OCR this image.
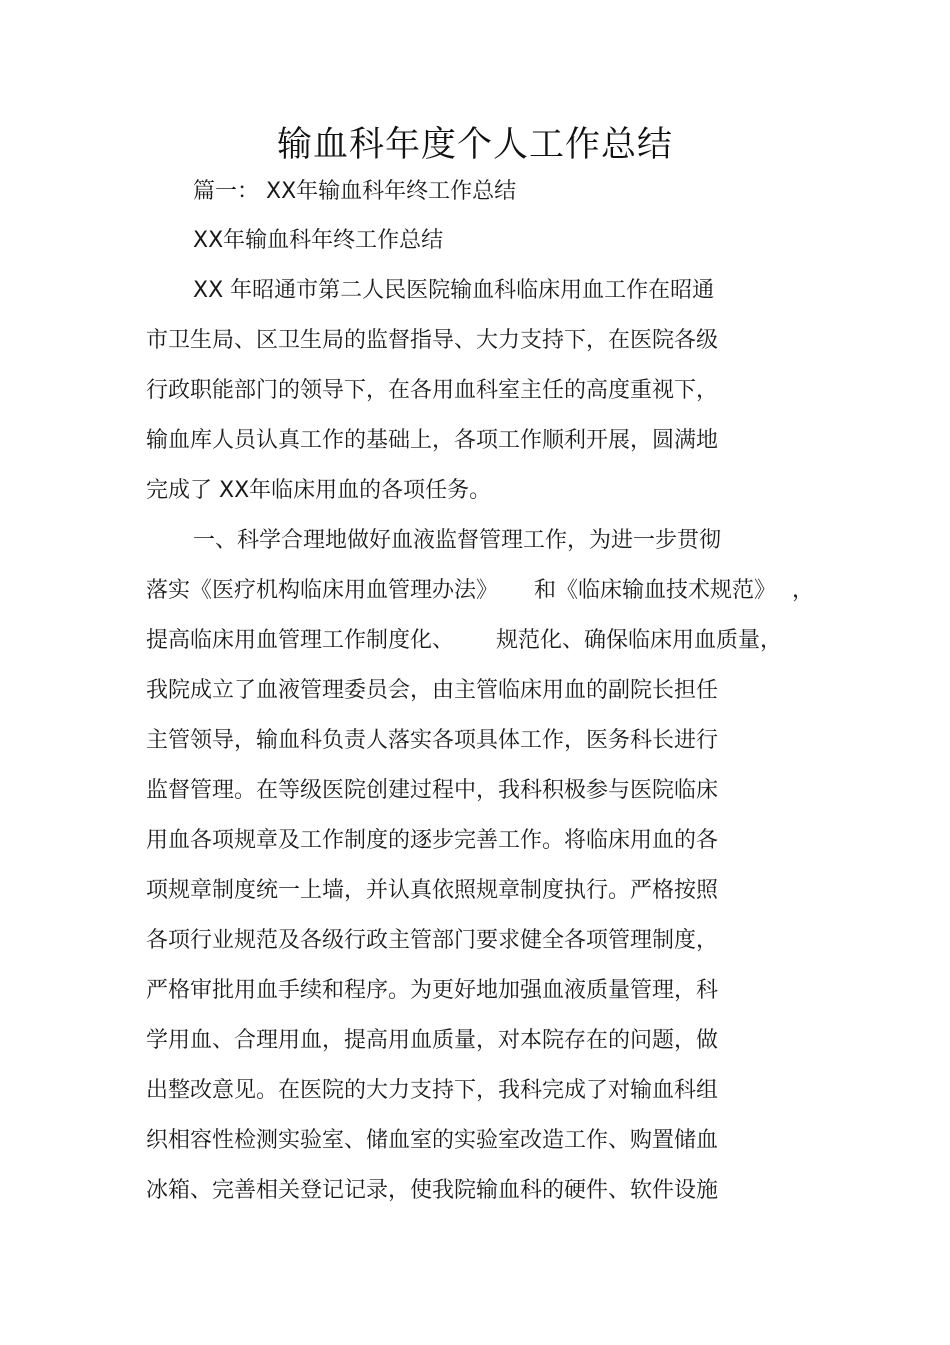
输血科年度个人工作总结
篇一： XX年输血科年终工作总结
XX年输血科年终工作总结
XX 年昭通市第二人民医院输血科临床用血工作在昭通
市卫生局、区卫生局的监督指导、大力支持下，在医院各级
行政职能部门的领导下，在各用血科室主任的高度重视下，
输血库人员认真工作的基础上，各项工作顺利开展，圆满地
完成了 XX年临床用血的各项任务。
一、科学合理地做好血液监督管理工作，为进一步贯彻
落实《医疗机构临床用血管理办法》 和《临床输血技术规范》 ，
提高临床用血管理工作制度化、 规范化、确保临床用血质量，
我院成立了血液管理委员会，由主管临床用血的副院长担任
主管领导，输血科负责人落实各项具体工作，医务科长进行
监督管理。在等级医院创建过程中，我科积极参与医院临床
用血各项规章及工作制度的逐步完善工作。将临床用血的各
项规章制度统一上墙，并认真依照规章制度执行。严格按照
各项行业规范及各级行政主管部门要求健全各项管理制度，
严格审批用血手续和程序。为更好地加强血液质量管理，科
学用血、合理用血，提高用血质量，对本院存在的问题，做
出整改意见。在医院的大力支持下，我科完成了对输血科组
织相容性检测实验室、储血室的实验室改造工作、购置储血
冰箱、完善相关登记记录，使我院输血科的硬件、软件设施
